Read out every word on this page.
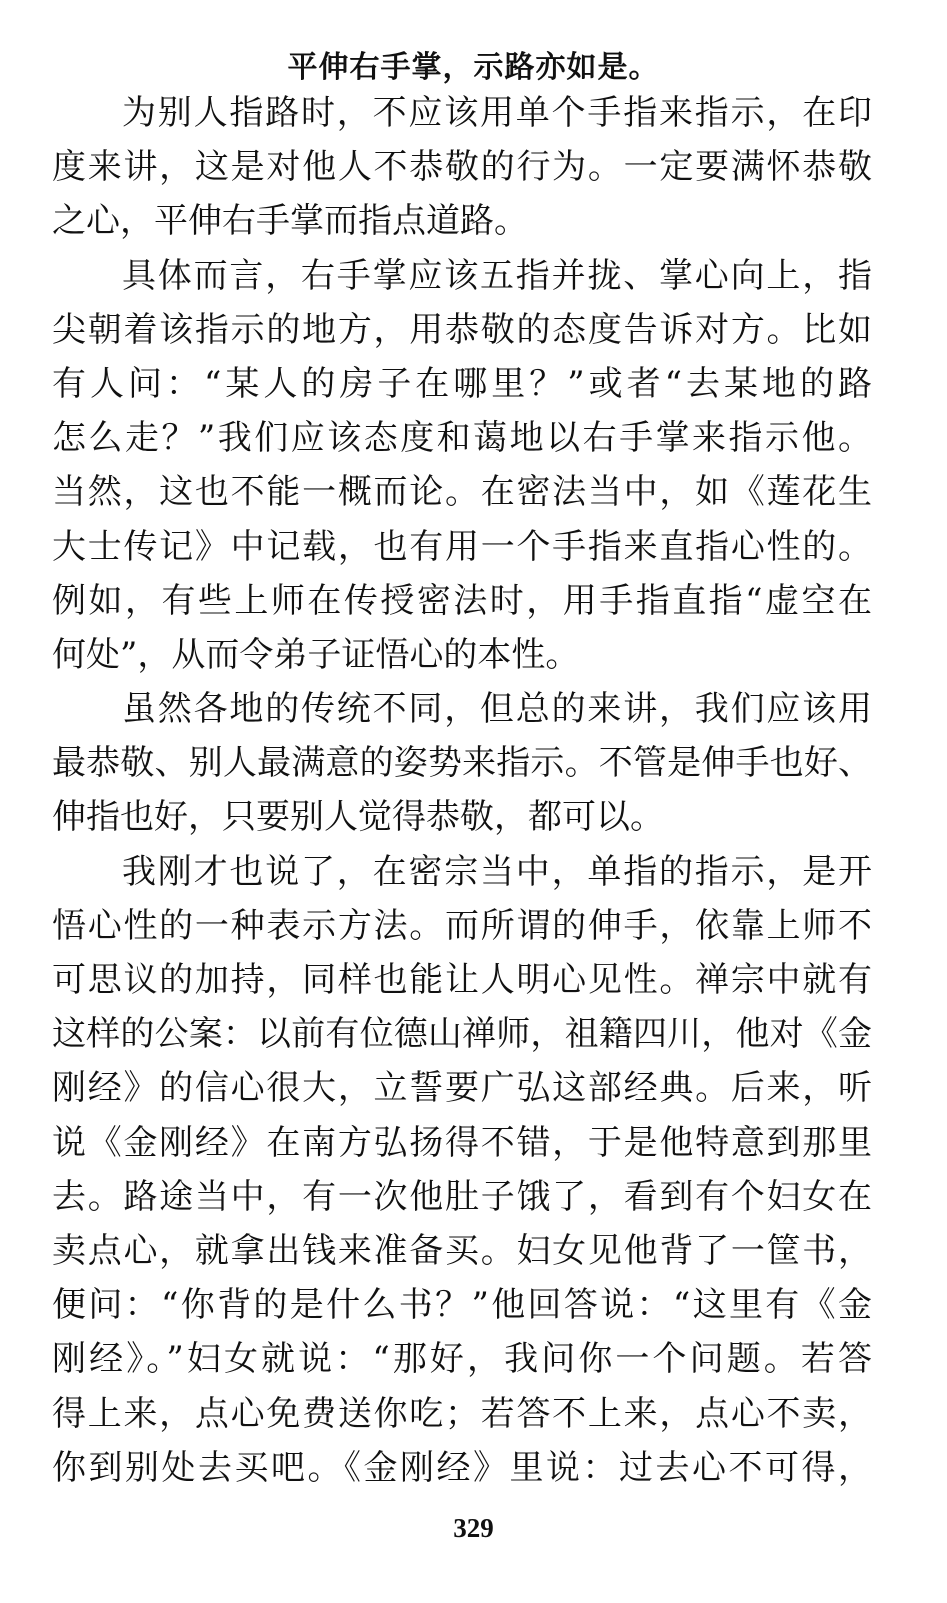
平伸右手掌，示路亦如是。
为别人指路时，不应该用单个手指来指示，在印
度来讲，这是对他人不恭敬的行为。一定要满怀恭敬
之心，平伸右手掌而指点道路。
具体而言，右手掌应该五指并拢、掌心向上，指
尖朝着该指示的地方，用恭敬的态度告诉对方。比如
有人问：“某人的房子在哪里？”或者“去某地的路
怎么走？”我们应该态度和蔼地以右手掌来指示他。
当然，这也不能一概而论。在密法当中，如《莲花生
大士传记》中记载，也有用一个手指来直指心性的。
例如，有些上师在传授密法时，用手指直指“虚空在
何处”，从而令弟子证悟心的本性。
虽然各地的传统不同，但总的来讲，我们应该用
最恭敬、别人最满意的姿势来指示。不管是伸手也好、
伸指也好，只要别人觉得恭敬，都可以。
我刚才也说了，在密宗当中，单指的指示，是开
悟心性的一种表示方法。而所谓的伸手，依靠上师不
可思议的加持，同样也能让人明心见性。禅宗中就有
这样的公案：以前有位德山禅师，祖籍四川，他对《金
刚经》的信心很大，立誓要广弘这部经典。后来，听
说《金刚经》在南方弘扬得不错，于是他特意到那里
去。路途当中，有一次他肚子饿了，看到有个妇女在
卖点心，就拿出钱来准备买。妇女见他背了一筐书，
便问：“你背的是什么书？”他回答说：“这里有《金
刚经》。”妇女就说：“那好，我问你一个问题。若答
得上来，点心免费送你吃；若答不上来，点心不卖，
你到别处去买吧。《金刚经》里说：过去心不可得，
329
